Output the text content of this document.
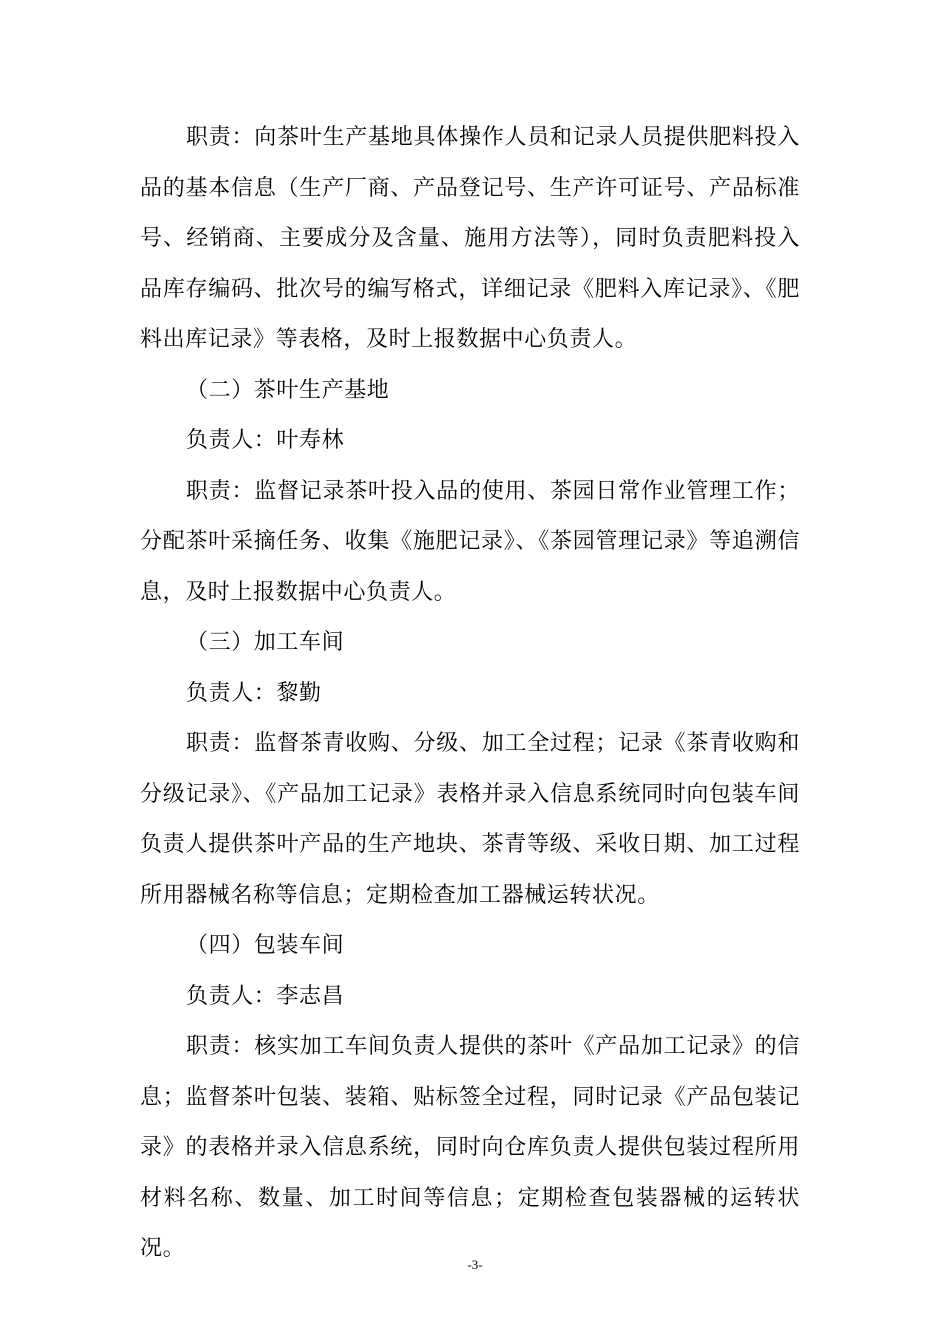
职责：向茶叶生产基地具体操作人员和记录人员提供肥料投入品的基本信息（生产厂商、产品登记号、生产许可证号、产品标准号、经销商、主要成分及含量、施用方法等），同时负责肥料投入品库存编码、批次号的编写格式，详细记录《肥料入库记录》、《肥料出库记录》等表格，及时上报数据中心负责人。

（二）茶叶生产基地

负责人：叶寿林

职责：监督记录茶叶投入品的使用、茶园日常作业管理工作；分配茶叶采摘任务、收集《施肥记录》、《茶园管理记录》等追溯信息，及时上报数据中心负责人。

（三）加工车间

负责人：黎勤

职责：监督茶青收购、分级、加工全过程；记录《茶青收购和分级记录》、《产品加工记录》表格并录入信息系统同时向包装车间负责人提供茶叶产品的生产地块、茶青等级、采收日期、加工过程所用器械名称等信息；定期检查加工器械运转状况。

（四）包装车间

负责人：李志昌

职责：核实加工车间负责人提供的茶叶《产品加工记录》的信息；监督茶叶包装、装箱、贴标签全过程，同时记录《产品包装记录》的表格并录入信息系统，同时向仓库负责人提供包装过程所用材料名称、数量、加工时间等信息；定期检查包装器械的运转状况。

-3-
